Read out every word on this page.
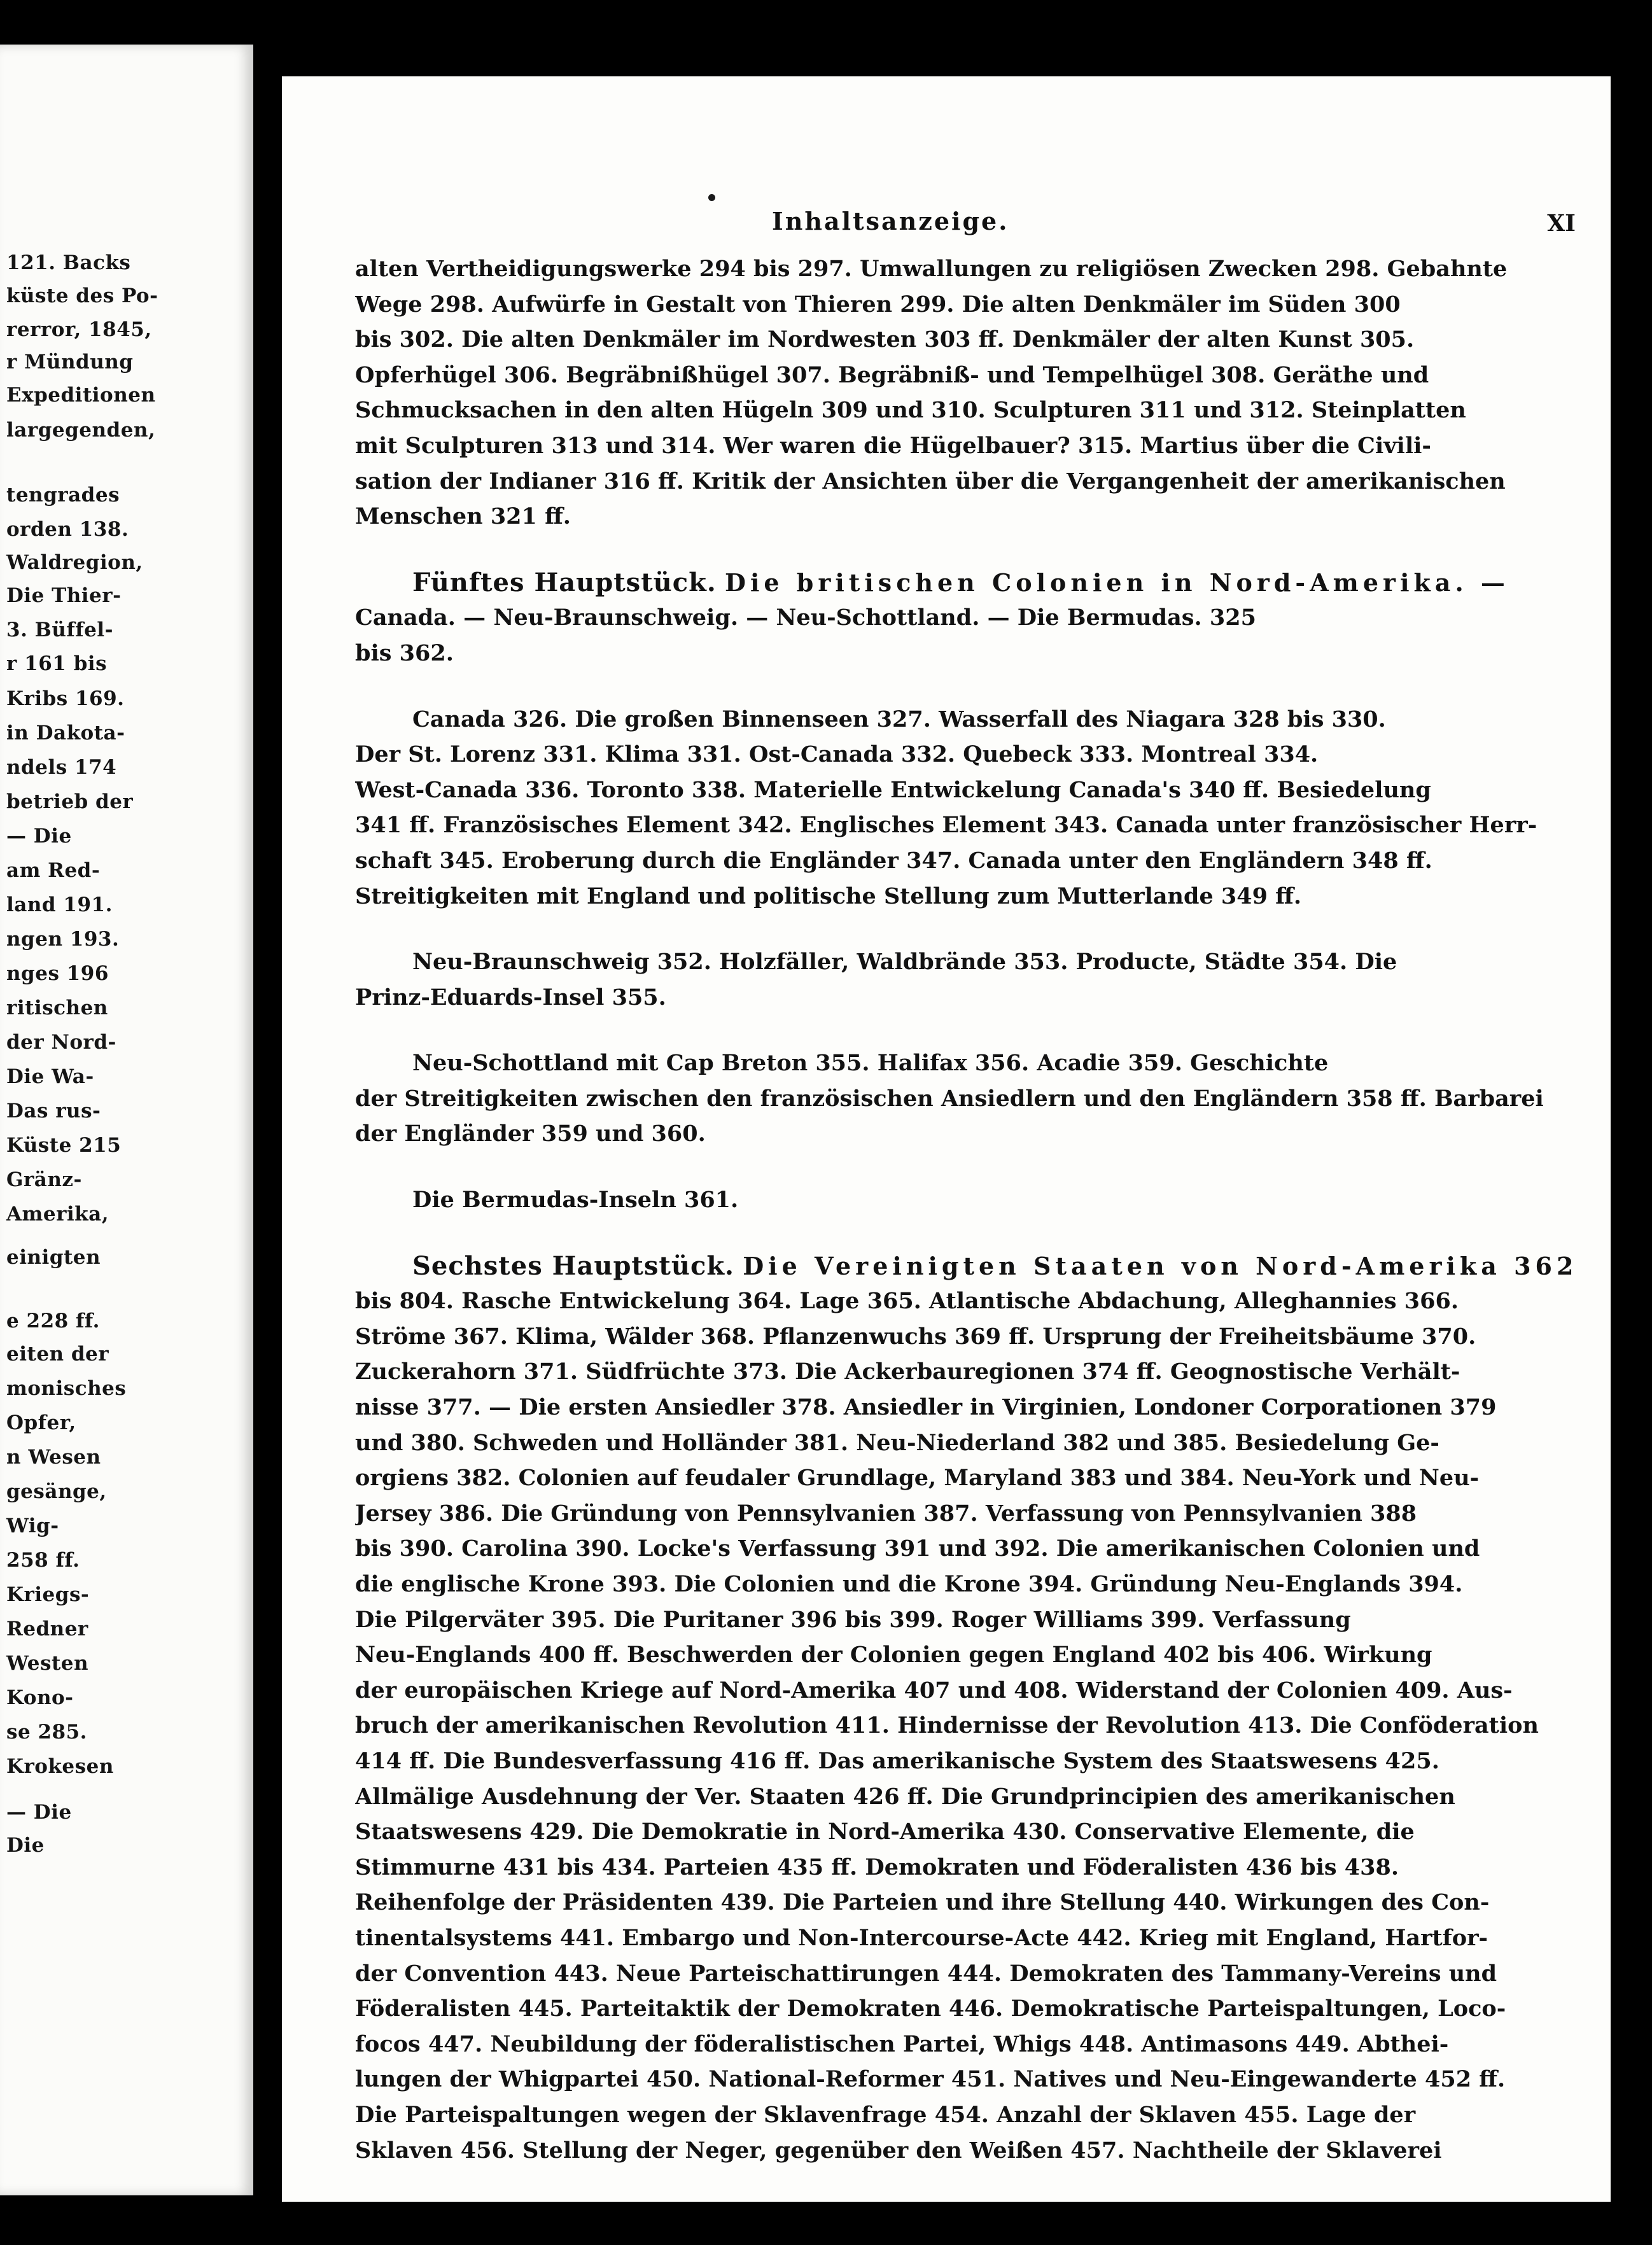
121. Backs
küste des Po-
rerror, 1845,
r Mündung
Expeditionen
largegenden,
tengrades
orden 138.
Waldregion,
Die Thier-
3. Büffel-
r 161 bis
Kribs 169.
in Dakota-
ndels 174
betrieb der
— Die
am Red-
land 191.
ngen 193.
nges 196
ritischen
der Nord-
Die Wa-
Das rus-
Küste 215
Gränz-
Amerika,
einigten
e 228 ff.
eiten der
monisches
Opfer,
n Wesen
gesänge,
Wig-
258 ff.
Kriegs-
Redner
Westen
Kono-
se 285.
Krokesen
— Die
Die
Inhaltsanzeige.	XI
alten Vertheidigungswerke 294 bis 297. Umwallungen zu religiösen Zwecken 298. Gebahnte
Wege 298. Aufwürfe in Gestalt von Thieren 299. Die alten Denkmäler im Süden 300
bis 302. Die alten Denkmäler im Nordwesten 303 ff. Denkmäler der alten Kunst 305.
Opferhügel 306. Begräbnißhügel 307. Begräbniß- und Tempelhügel 308. Geräthe und
Schmucksachen in den alten Hügeln 309 und 310. Sculpturen 311 und 312. Steinplatten
mit Sculpturen 313 und 314. Wer waren die Hügelbauer? 315. Martius über die Civili-
sation der Indianer 316 ff. Kritik der Ansichten über die Vergangenheit der amerikanischen
Menschen 321 ff.
Fünftes Hauptstück. Die britischen Colonien in Nord-Amerika. —
Canada. — Neu-Braunschweig. — Neu-Schottland. — Die Bermudas. 325
bis 362.
Canada 326. Die großen Binnenseen 327. Wasserfall des Niagara 328 bis 330.
Der St. Lorenz 331. Klima 331. Ost-Canada 332. Quebeck 333. Montreal 334.
West-Canada 336. Toronto 338. Materielle Entwickelung Canada's 340 ff. Besiedelung
341 ff. Französisches Element 342. Englisches Element 343. Canada unter französischer Herr-
schaft 345. Eroberung durch die Engländer 347. Canada unter den Engländern 348 ff.
Streitigkeiten mit England und politische Stellung zum Mutterlande 349 ff.
Neu-Braunschweig 352. Holzfäller, Waldbrände 353. Producte, Städte 354. Die
Prinz-Eduards-Insel 355.
Neu-Schottland mit Cap Breton 355. Halifax 356. Acadie 359. Geschichte
der Streitigkeiten zwischen den französischen Ansiedlern und den Engländern 358 ff. Barbarei
der Engländer 359 und 360.
Die Bermudas-Inseln 361.
Sechstes Hauptstück. Die Vereinigten Staaten von Nord-Amerika 362
bis 804. Rasche Entwickelung 364. Lage 365. Atlantische Abdachung, Alleghannies 366.
Ströme 367. Klima, Wälder 368. Pflanzenwuchs 369 ff. Ursprung der Freiheitsbäume 370.
Zuckerahorn 371. Südfrüchte 373. Die Ackerbauregionen 374 ff. Geognostische Verhält-
nisse 377. — Die ersten Ansiedler 378. Ansiedler in Virginien, Londoner Corporationen 379
und 380. Schweden und Holländer 381. Neu-Niederland 382 und 385. Besiedelung Ge-
orgiens 382. Colonien auf feudaler Grundlage, Maryland 383 und 384. Neu-York und Neu-
Jersey 386. Die Gründung von Pennsylvanien 387. Verfassung von Pennsylvanien 388
bis 390. Carolina 390. Locke's Verfassung 391 und 392. Die amerikanischen Colonien und
die englische Krone 393. Die Colonien und die Krone 394. Gründung Neu-Englands 394.
Die Pilgerväter 395. Die Puritaner 396 bis 399. Roger Williams 399. Verfassung
Neu-Englands 400 ff. Beschwerden der Colonien gegen England 402 bis 406. Wirkung
der europäischen Kriege auf Nord-Amerika 407 und 408. Widerstand der Colonien 409. Aus-
bruch der amerikanischen Revolution 411. Hindernisse der Revolution 413. Die Conföderation
414 ff. Die Bundesverfassung 416 ff. Das amerikanische System des Staatswesens 425.
Allmälige Ausdehnung der Ver. Staaten 426 ff. Die Grundprincipien des amerikanischen
Staatswesens 429. Die Demokratie in Nord-Amerika 430. Conservative Elemente, die
Stimmurne 431 bis 434. Parteien 435 ff. Demokraten und Föderalisten 436 bis 438.
Reihenfolge der Präsidenten 439. Die Parteien und ihre Stellung 440. Wirkungen des Con-
tinentalsystems 441. Embargo und Non-Intercourse-Acte 442. Krieg mit England, Hartfor-
der Convention 443. Neue Parteischattirungen 444. Demokraten des Tammany-Vereins und
Föderalisten 445. Parteitaktik der Demokraten 446. Demokratische Parteispaltungen, Loco-
focos 447. Neubildung der föderalistischen Partei, Whigs 448. Antimasons 449. Abthei-
lungen der Whigpartei 450. National-Reformer 451. Natives und Neu-Eingewanderte 452 ff.
Die Parteispaltungen wegen der Sklavenfrage 454. Anzahl der Sklaven 455. Lage der
Sklaven 456. Stellung der Neger, gegenüber den Weißen 457. Nachtheile der Sklaverei
